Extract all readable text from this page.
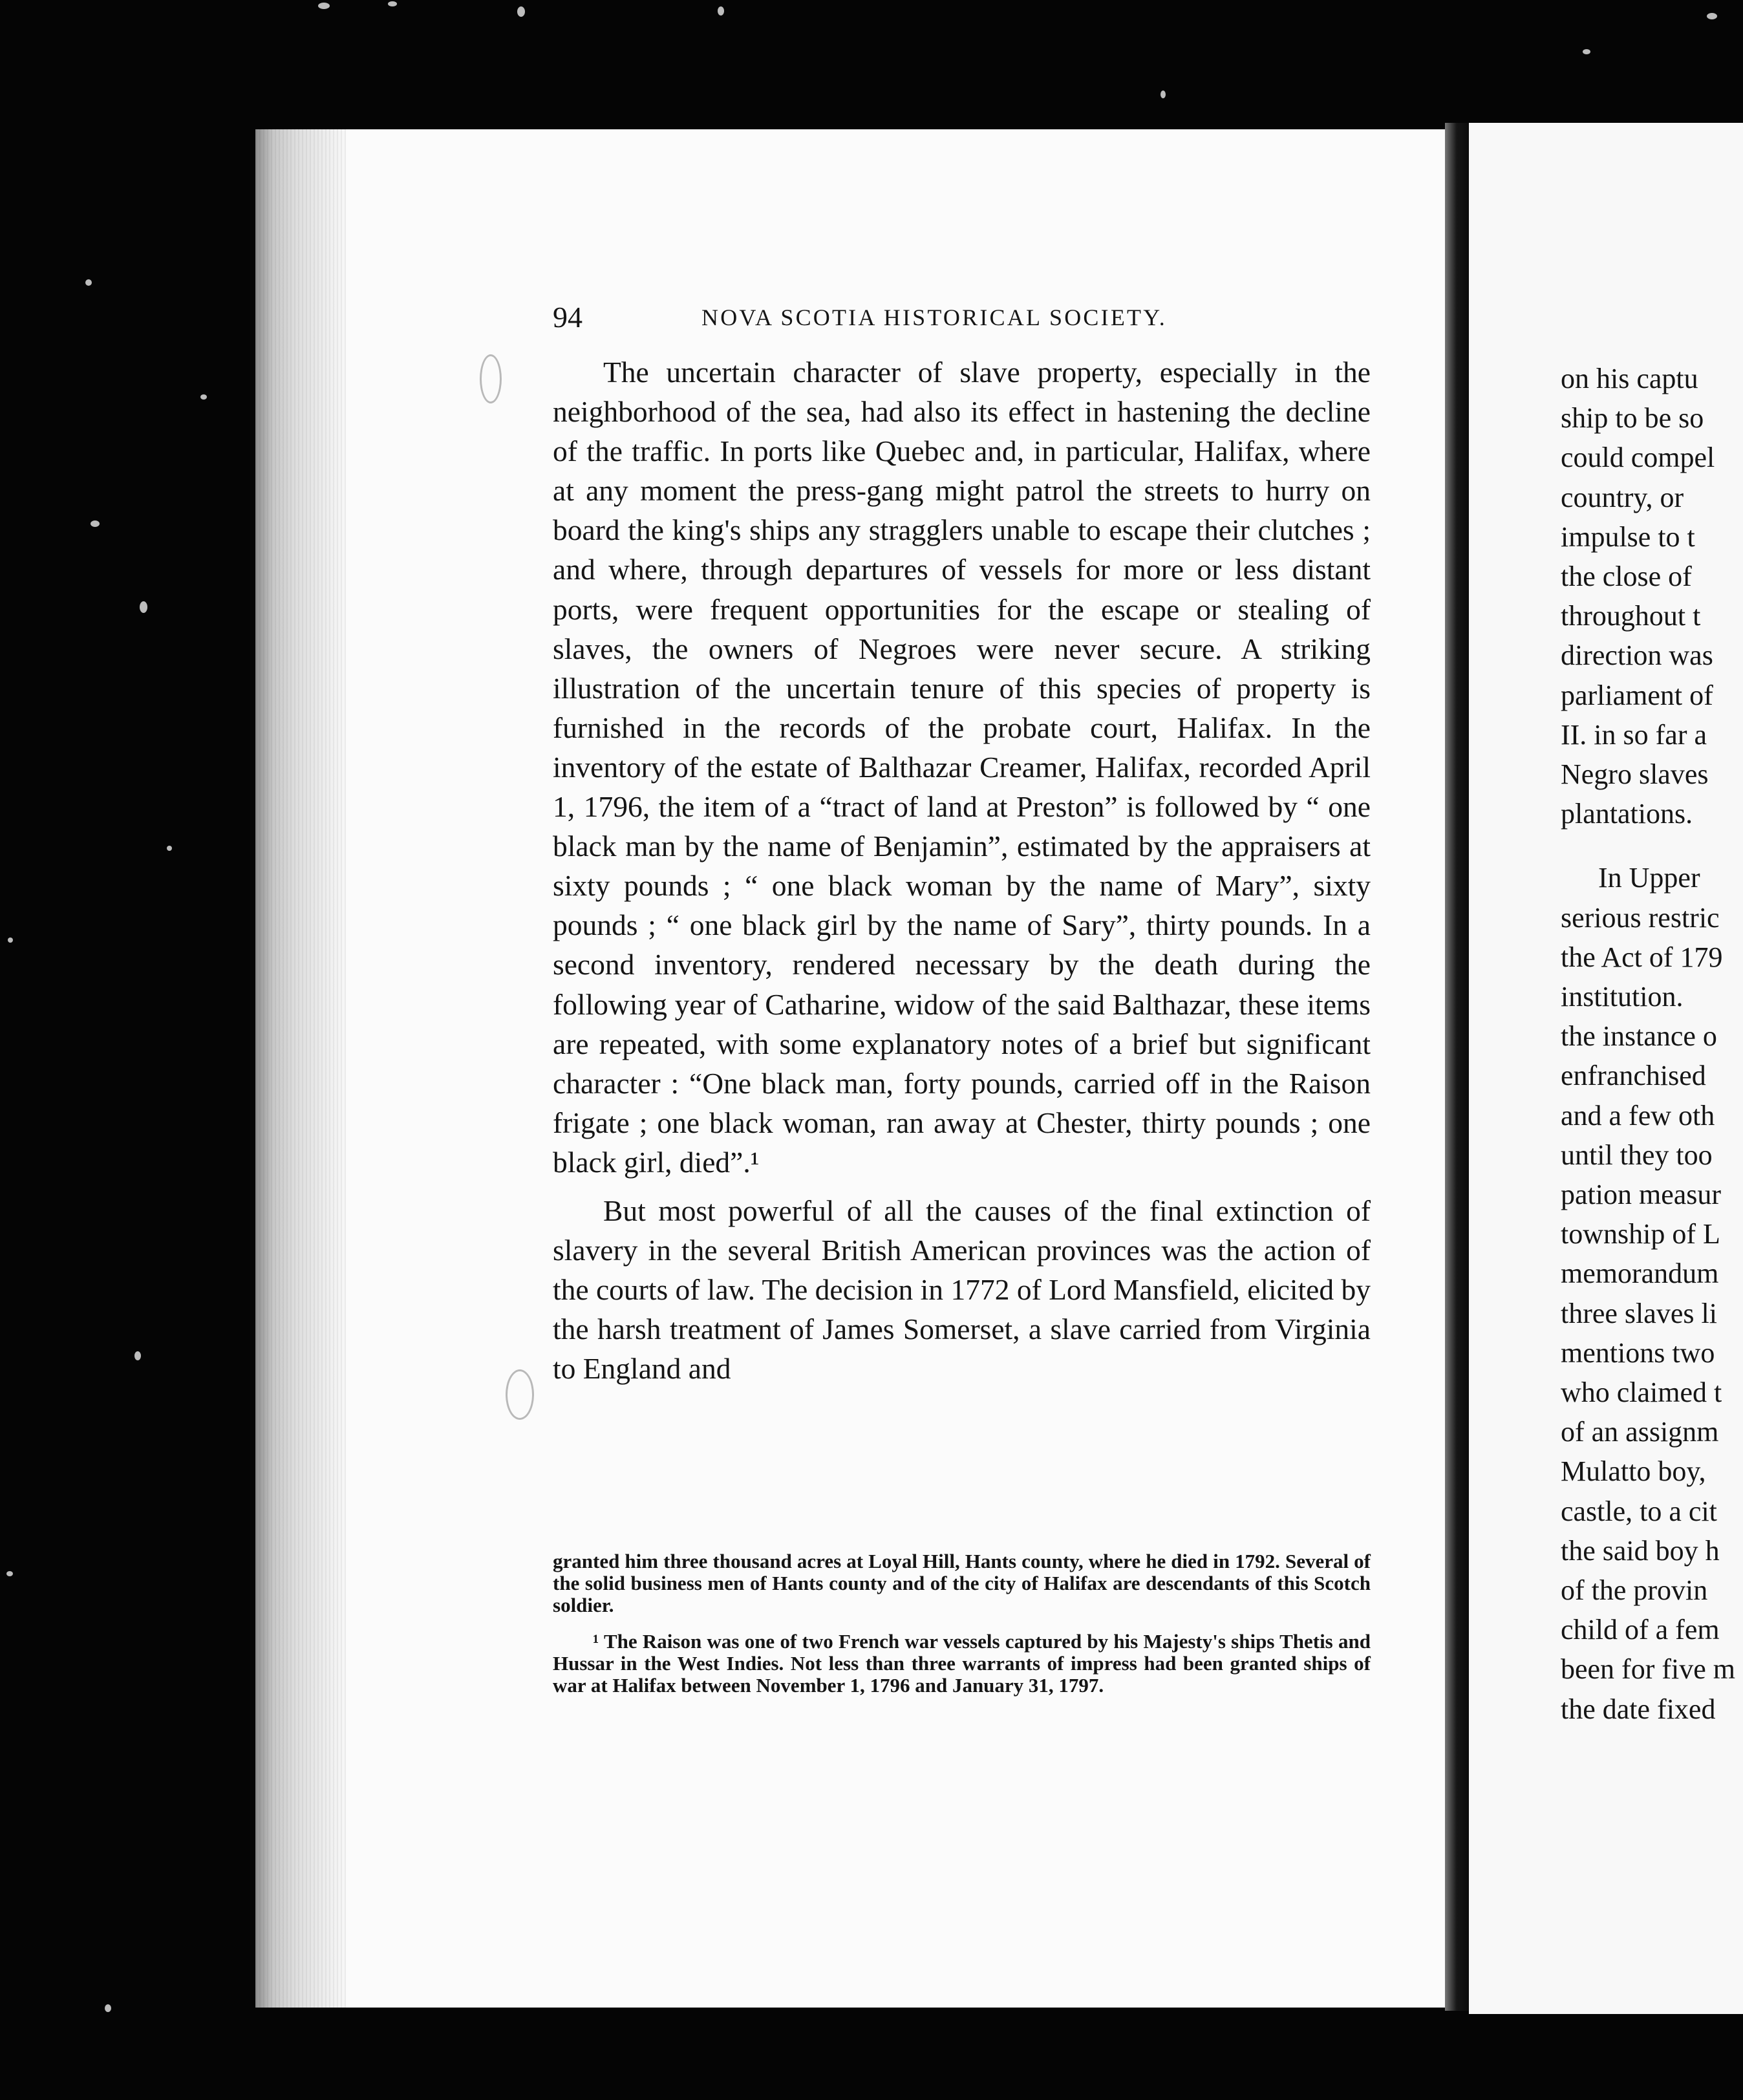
on his captu
ship to be so
could compel
country, or
impulse to t
the close of
throughout t
direction was
parliament of
II. in so far a
Negro slaves
plantations.
In Upper
serious restric
the Act of 179
institution.
the instance o
enfranchised
and a few oth
until they too
pation measur
township of L
memorandum
three slaves li
mentions two
who claimed t
of an assignm
Mulatto boy,
castle, to a cit
the said boy h
of the provin
child of a fem
been for five m
the date fixed
94	NOVA SCOTIA HISTORICAL SOCIETY.

The uncertain character of slave property, especially in the neighborhood of the sea, had also its effect in hastening the decline of the traffic. In ports like Quebec and, in particular, Halifax, where at any moment the press-gang might patrol the streets to hurry on board the king's ships any stragglers unable to escape their clutches ; and where, through departures of vessels for more or less distant ports, were frequent opportunities for the escape or stealing of slaves, the owners of Negroes were never secure. A striking illustration of the uncertain tenure of this species of property is furnished in the records of the probate court, Halifax. In the inventory of the estate of Balthazar Creamer, Halifax, recorded April 1, 1796, the item of a “tract of land at Preston” is followed by “ one black man by the name of Benjamin”, estimated by the appraisers at sixty pounds ; “ one black woman by the name of Mary”, sixty pounds ; “ one black girl by the name of Sary”, thirty pounds. In a second inventory, rendered necessary by the death during the following year of Catharine, widow of the said Balthazar, these items are repeated, with some explanatory notes of a brief but significant character : “One black man, forty pounds, carried off in the Raison frigate ; one black woman, ran away at Chester, thirty pounds ; one black girl, died”.¹

But most powerful of all the causes of the final extinction of slavery in the several British American provinces was the action of the courts of law. The decision in 1772 of Lord Mansfield, elicited by the harsh treatment of James Somerset, a slave carried from Virginia to England and

granted him three thousand acres at Loyal Hill, Hants county, where he died in 1792. Several of the solid business men of Hants county and of the city of Halifax are descendants of this Scotch soldier.

¹ The Raison was one of two French war vessels captured by his Majesty's ships Thetis and Hussar in the West Indies. Not less than three warrants of impress had been granted ships of war at Halifax between November 1, 1796 and January 31, 1797.
